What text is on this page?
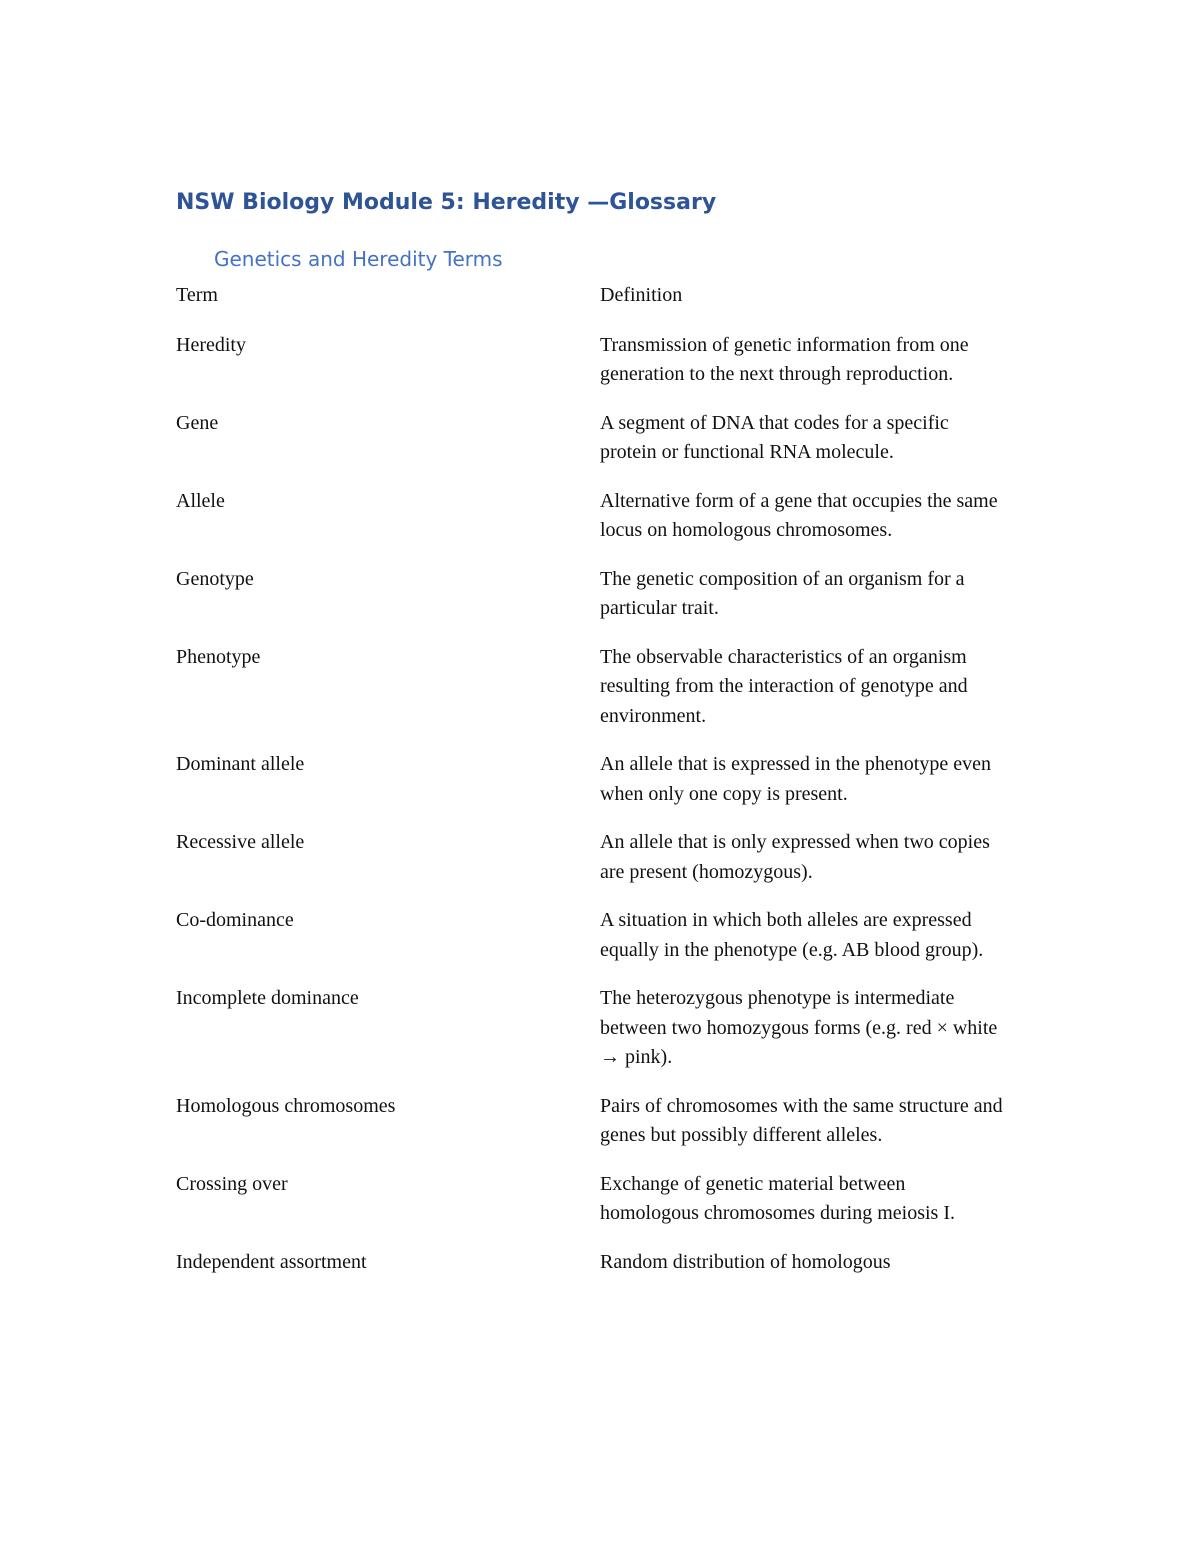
NSW Biology Module 5: Heredity —Glossary
Genetics and Heredity Terms
Term	Definition
Heredity	Transmission of genetic information from one generation to the next through reproduction.
Gene	A segment of DNA that codes for a specific protein or functional RNA molecule.
Allele	Alternative form of a gene that occupies the same locus on homologous chromosomes.
Genotype	The genetic composition of an organism for a particular trait.
Phenotype	The observable characteristics of an organism resulting from the interaction of genotype and environment.
Dominant allele	An allele that is expressed in the phenotype even when only one copy is present.
Recessive allele	An allele that is only expressed when two copies are present (homozygous).
Co-dominance	A situation in which both alleles are expressed equally in the phenotype (e.g. AB blood group).
Incomplete dominance	The heterozygous phenotype is intermediate between two homozygous forms (e.g. red × white → pink).
Homologous chromosomes	Pairs of chromosomes with the same structure and genes but possibly different alleles.
Crossing over	Exchange of genetic material between homologous chromosomes during meiosis I.
Independent assortment	Random distribution of homologous
